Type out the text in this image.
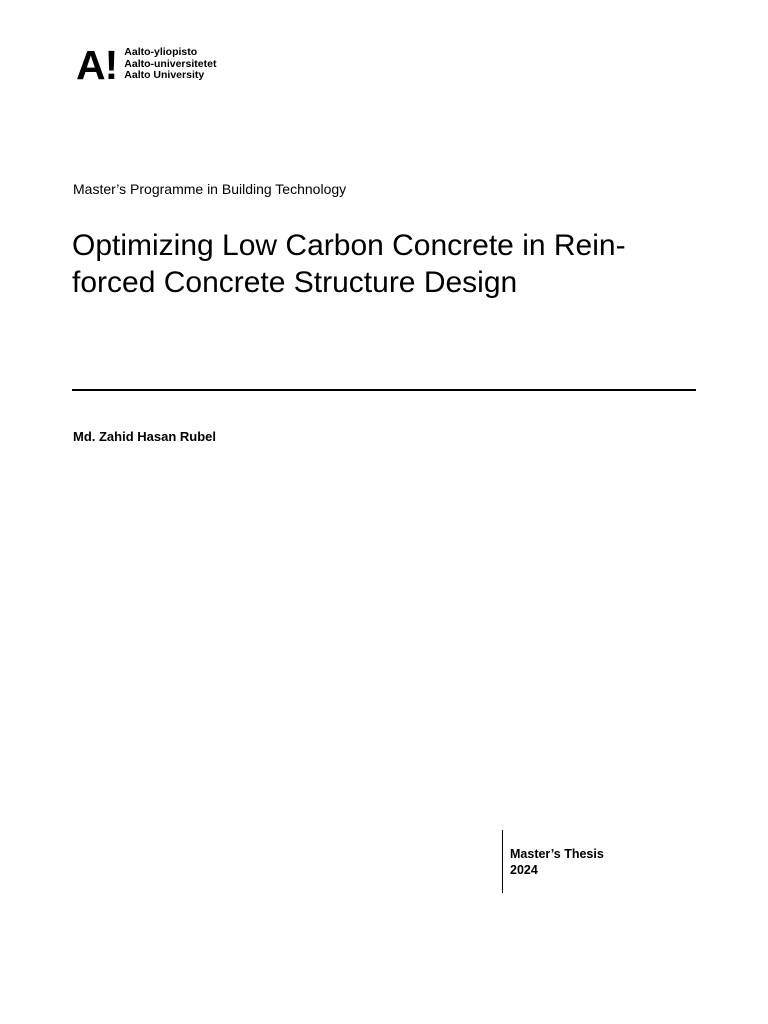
A! Aalto-yliopisto
Aalto-universitetet
Aalto University
Master’s Programme in Building Technology
Optimizing Low Carbon Concrete in Rein-
forced Concrete Structure Design
Md. Zahid Hasan Rubel
Master’s Thesis
2024
